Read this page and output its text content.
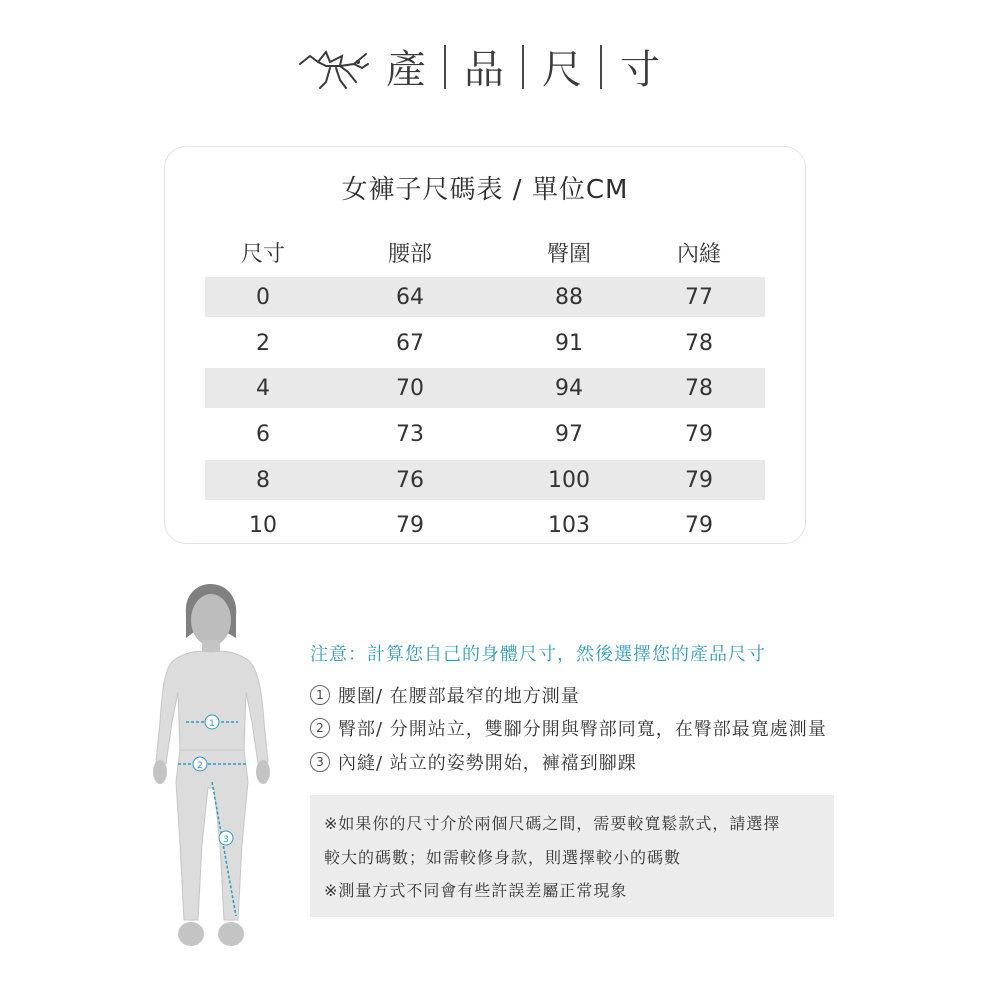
產 品 尺 寸
女褲子尺碼表 / 單位CM
尺寸	腰部	臀圍	內縫
0	64	88	77
2	67	91	78
4	70	94	78
6	73	97	79
8	76	100	79
10	79	103	79
1
2
3
注意：計算您自己的身體尺寸，然後選擇您的產品尺寸
1 腰圍/ 在腰部最窄的地方測量
2 臀部/ 分開站立，雙腳分開與臀部同寬，在臀部最寬處測量
3 內縫/ 站立的姿勢開始，褲襠到腳踝
※如果你的尺寸介於兩個尺碼之間，需要較寬鬆款式，請選擇
較大的碼數；如需較修身款，則選擇較小的碼數
※測量方式不同會有些許誤差屬正常現象
